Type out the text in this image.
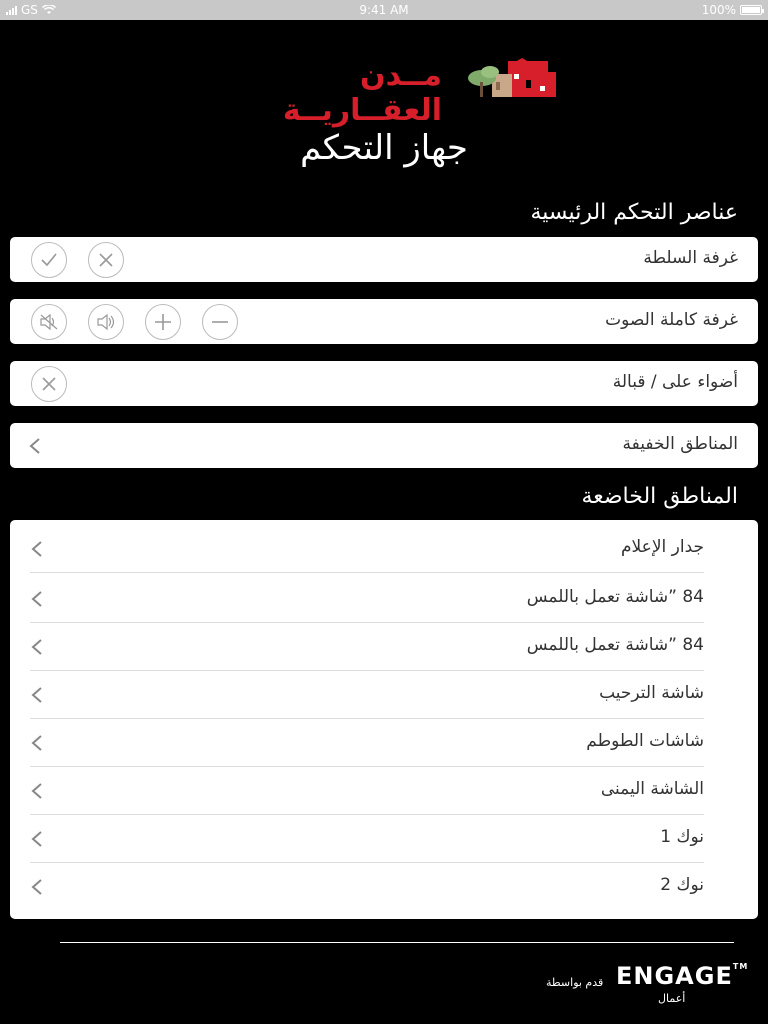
GS	9:41 AM	100%
مــدن العقــاريــة
جهاز التحكم
عناصر التحكم الرئيسية
غرفة السلطة
غرفة كاملة الصوت
أضواء على / قبالة
المناطق الخفيفة
المناطق الخاضعة
جدار الإعلام
84 ”شاشة تعمل باللمس
84 ”شاشة تعمل باللمس
شاشة الترحيب
شاشات الطوطم
الشاشة اليمنى
نوك 1
نوك 2
قدم بواسطة ENGAGE™
أعمال
